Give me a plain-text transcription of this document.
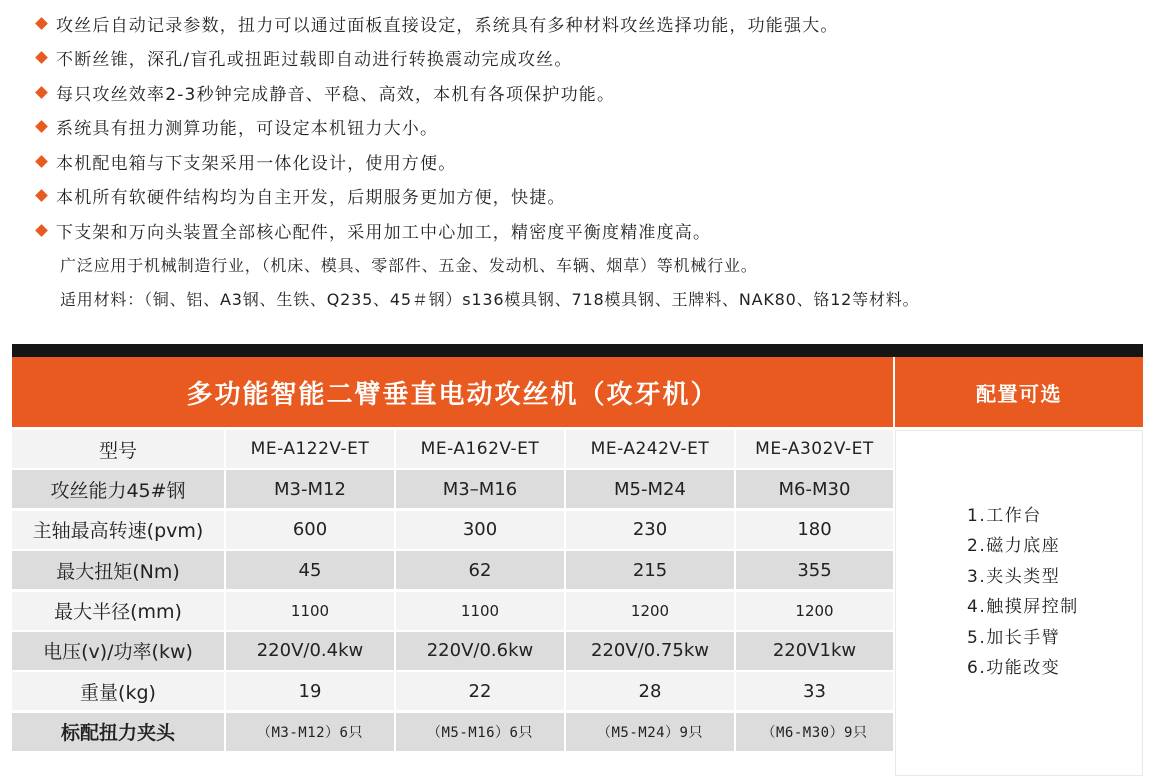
攻丝后自动记录参数，扭力可以通过面板直接设定，系统具有多种材料攻丝选择功能，功能强大。
不断丝锥，深孔/盲孔或扭距过载即自动进行转换震动完成攻丝。
每只攻丝效率2-3秒钟完成静音、平稳、高效，本机有各项保护功能。
系统具有扭力测算功能，可设定本机钮力大小。
本机配电箱与下支架采用一体化设计，使用方便。
本机所有软硬件结构均为自主开发，后期服务更加方便，快捷。
下支架和万向头装置全部核心配件，采用加工中心加工，精密度平衡度精准度高。
广泛应用于机械制造行业，（机床、模具、零部件、五金、发动机、车辆、烟草）等机械行业。
适用材料：（铜、铝、A3钢、生铁、Q235、45＃钢）s136模具钢、718模具钢、王牌料、NAK80、铬12等材料。
多功能智能二臂垂直电动攻丝机（攻牙机）	配置可选
型号	ME-A122V-ET	ME-A162V-ET	ME-A242V-ET	ME-A302V-ET
攻丝能力45#钢	M3-M12	M3–M16	M5-M24	M6-M30
主轴最高转速(pvm)	600	300	230	180
最大扭矩(Nm)	45	62	215	355
最大半径(mm)	1100	1100	1200	1200
电压(v)/功率(kw)	220V/0.4kw	220V/0.6kw	220V/0.75kw	220V1kw
重量(kg)	19	22	28	33
标配扭力夹头	（M3-M12）6只	（M5-M16）6只	（M5-M24）9只	（M6-M30）9只
1.工作台
2.磁力底座
3.夹头类型
4.触摸屏控制
5.加长手臂
6.功能改变
